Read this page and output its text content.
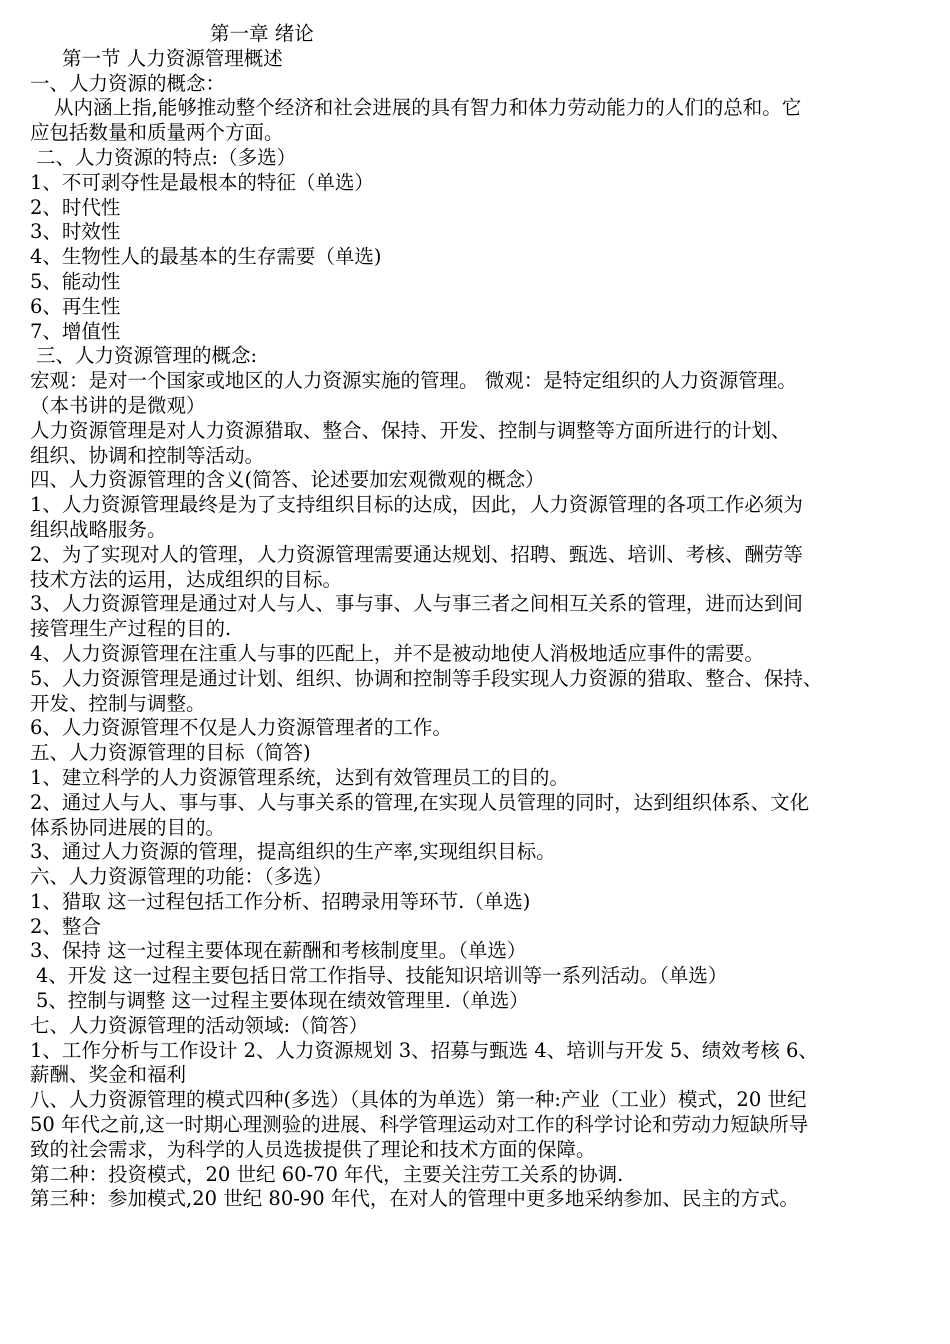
第一章 绪论

第一节 人力资源管理概述

一、人力资源的概念：

从内涵上指,能够推动整个经济和社会进展的具有智力和体力劳动能力的人们的总和。它

应包括数量和质量两个方面。

二、人力资源的特点:（多选）

1、不可剥夺性是最根本的特征（单选）

2、时代性

3、时效性

4、生物性人的最基本的生存需要（单选)

5、能动性

6、再生性

7、增值性

三、人力资源管理的概念:

宏观：是对一个国家或地区的人力资源实施的管理。 微观：是特定组织的人力资源管理。

（本书讲的是微观）

人力资源管理是对人力资源猎取、整合、保持、开发、控制与调整等方面所进行的计划、

组织、协调和控制等活动。

四、人力资源管理的含义(简答、论述要加宏观微观的概念）

1、人力资源管理最终是为了支持组织目标的达成，因此，人力资源管理的各项工作必须为

组织战略服务。

2、为了实现对人的管理，人力资源管理需要通达规划、招聘、甄选、培训、考核、酬劳等

技术方法的运用，达成组织的目标。

3、人力资源管理是通过对人与人、事与事、人与事三者之间相互关系的管理，进而达到间

接管理生产过程的目的.

4、人力资源管理在注重人与事的匹配上，并不是被动地使人消极地适应事件的需要。

5、人力资源管理是通过计划、组织、协调和控制等手段实现人力资源的猎取、整合、保持、

开发、控制与调整。

6、人力资源管理不仅是人力资源管理者的工作。

五、人力资源管理的目标（简答)

1、建立科学的人力资源管理系统，达到有效管理员工的目的。

2、通过人与人、事与事、人与事关系的管理,在实现人员管理的同时，达到组织体系、文化

体系协同进展的目的。

3、通过人力资源的管理，提高组织的生产率,实现组织目标。

六、人力资源管理的功能：（多选）

1、猎取 这一过程包括工作分析、招聘录用等环节.（单选)

2、整合

3、保持 这一过程主要体现在薪酬和考核制度里。（单选）

4、开发 这一过程主要包括日常工作指导、技能知识培训等一系列活动。（单选）

5、控制与调整 这一过程主要体现在绩效管理里.（单选）

七、人力资源管理的活动领域:（简答）

1、工作分析与工作设计 2、人力资源规划 3、招募与甄选 4、培训与开发 5、绩效考核 6、

薪酬、奖金和福利

八、人力资源管理的模式四种(多选）（具体的为单选）第一种:产业（工业）模式，20 世纪

50 年代之前,这一时期心理测验的进展、科学管理运动对工作的科学讨论和劳动力短缺所导

致的社会需求，为科学的人员选拔提供了理论和技术方面的保障。

第二种：投资模式，20 世纪 60-70 年代，主要关注劳工关系的协调.

第三种：参加模式,20 世纪 80-90 年代，在对人的管理中更多地采纳参加、民主的方式。
